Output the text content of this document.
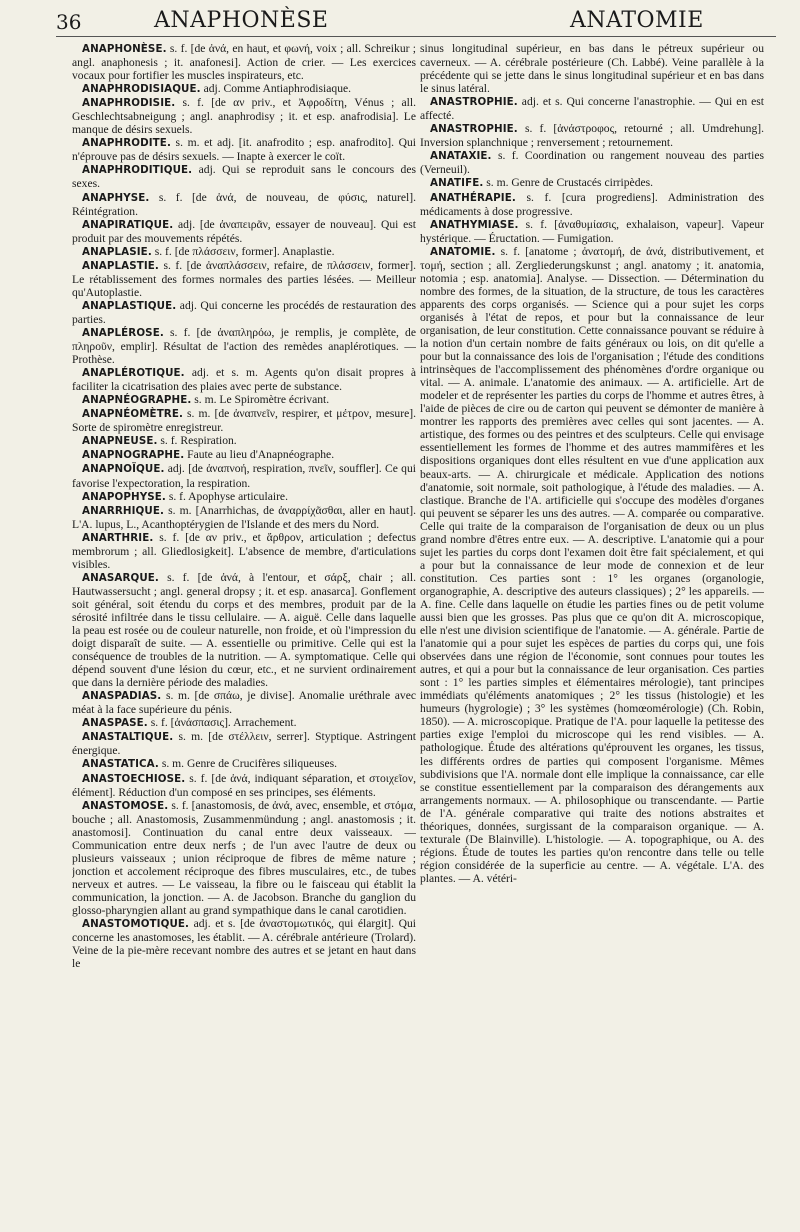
36	ANAPHONÈSE	ANATOMIE

ANAPHONÈSE. s. f. [de ἀνά, en haut, et φωνή, voix ; all. Schreikur ; angl. anaphonesis ; it. anafonesi]. Action de crier. — Les exercices vocaux pour fortifier les muscles inspirateurs, etc.

ANAPHRODISIAQUE. adj. Comme Antiaphrodisiaque.

ANAPHRODISIE. s. f. [de αν priv., et Ἀφροδίτη, Vénus ; all. Geschlechtsabneigung ; angl. anaphrodisy ; it. et esp. anafrodisia]. Le manque de désirs sexuels.

ANAPHRODITE. s. m. et adj. [it. anafrodito ; esp. anafrodito]. Qui n'éprouve pas de désirs sexuels. — Inapte à exercer le coït.

ANAPHRODITIQUE. adj. Qui se reproduit sans le concours des sexes.

ANAPHYSE. s. f. [de ἀνά, de nouveau, de φύσις, naturel]. Réintégration.

ANAPIRATIQUE. adj. [de ἀναπειρᾶν, essayer de nouveau]. Qui est produit par des mouvements répétés.

ANAPLASIE. s. f. [de πλάσσειν, former]. Anaplastie.

ANAPLASTIE. s. f. [de ἀναπλάσσειν, refaire, de πλάσσειν, former]. Le rétablissement des formes normales des parties lésées. — Meilleur qu'Autoplastie.

ANAPLASTIQUE. adj. Qui concerne les procédés de restauration des parties.

ANAPLÉROSE. s. f. [de ἀναπληρόω, je remplis, je complète, de πληροῦν, emplir]. Résultat de l'action des remèdes anaplérotiques. — Prothèse.

ANAPLÉROTIQUE. adj. et s. m. Agents qu'on disait propres à faciliter la cicatrisation des plaies avec perte de substance.

ANAPNÉOGRAPHE. s. m. Le Spiromètre écrivant.

ANAPNÉOMÈTRE. s. m. [de ἀναπνεῖν, respirer, et μέτρον, mesure]. Sorte de spiromètre enregistreur.

ANAPNEUSE. s. f. Respiration.

ANAPNOGRAPHE. Faute au lieu d'Anapnéographe.

ANAPNOÏQUE. adj. [de ἀναπνοή, respiration, πνεῖν, souffler]. Ce qui favorise l'expectoration, la respiration.

ANAPOPHYSE. s. f. Apophyse articulaire.

ANARRHIQUE. s. m. [Anarrhichas, de ἀναρρίχᾶσθαι, aller en haut]. L'A. lupus, L., Acanthoptérygien de l'Islande et des mers du Nord.

ANARTHRIE. s. f. [de αν priv., et ἄρθρον, articulation ; defectus membrorum ; all. Gliedlosigkeit]. L'absence de membre, d'articulations visibles.

ANASARQUE. s. f. [de ἀνά, à l'entour, et σάρξ, chair ; all. Hautwassersucht ; angl. general dropsy ; it. et esp. anasarca]. Gonflement soit général, soit étendu du corps et des membres, produit par de la sérosité infiltrée dans le tissu cellulaire. — A. aiguë. Celle dans laquelle la peau est rosée ou de couleur naturelle, non froide, et où l'impression du doigt disparaît de suite. — A. essentielle ou primitive. Celle qui est la conséquence de troubles de la nutrition. — A. symptomatique. Celle qui dépend souvent d'une lésion du cœur, etc., et ne survient ordinairement que dans la dernière période des maladies.

ANASPADIAS. s. m. [de σπάω, je divise]. Anomalie uréthrale avec méat à la face supérieure du pénis.

ANASPASE. s. f. [ἀνάσπασις]. Arrachement.

ANASTALTIQUE. s. m. [de στέλλειν, serrer]. Styptique. Astringent énergique.

ANASTATICA. s. m. Genre de Crucifères siliqueuses.

ANASTOECHIOSE. s. f. [de ἀνά, indiquant séparation, et στοιχεῖον, élément]. Réduction d'un composé en ses principes, ses éléments.

ANASTOMOSE. s. f. [anastomosis, de ἀνά, avec, ensemble, et στόμα, bouche ; all. Anastomosis, Zusammenmündung ; angl. anastomosis ; it. anastomosi]. Continuation du canal entre deux vaisseaux. — Communication entre deux nerfs ; de l'un avec l'autre de deux ou plusieurs vaisseaux ; union réciproque de fibres de même nature ; jonction et accolement réciproque des fibres musculaires, etc., de tubes nerveux et autres. — Le vaisseau, la fibre ou le faisceau qui établit la communication, la jonction. — A. de Jacobson. Branche du ganglion du glosso-pharyngien allant au grand sympathique dans le canal carotidien.

ANASTOMOTIQUE. adj. et s. [de ἀναστομωτικός, qui élargit]. Qui concerne les anastomoses, les établit. — A. cérébrale antérieure (Trolard). Veine de la pie-mère recevant nombre des autres et se jetant en haut dans le

sinus longitudinal supérieur, en bas dans le pétreux supérieur ou caverneux. — A. cérébrale postérieure (Ch. Labbé). Veine parallèle à la précédente qui se jette dans le sinus longitudinal supérieur et en bas dans le sinus latéral.

ANASTROPHIE. adj. et s. Qui concerne l'anastrophie. — Qui en est affecté.

ANASTROPHIE. s. f. [ἀνάστροφος, retourné ; all. Umdrehung]. Inversion splanchnique ; renversement ; retournement.

ANATAXIE. s. f. Coordination ou rangement nouveau des parties (Verneuil).

ANATIFE. s. m. Genre de Crustacés cirripèdes.

ANATHÉRAPIE. s. f. [cura progrediens]. Administration des médicaments à dose progressive.

ANATHYMIASE. s. f. [ἀναθυμίασις, exhalaison, vapeur]. Vapeur hystérique. — Éructation. — Fumigation.

ANATOMIE. s. f. [anatome ; ἀνατομή, de ἀνά, distributivement, et τομή, section ; all. Zergliederungskunst ; angl. anatomy ; it. anatomia, notomia ; esp. anatomia]. Analyse. — Dissection. — Détermination du nombre des formes, de la situation, de la structure, de tous les caractères apparents des corps organisés. — Science qui a pour sujet les corps organisés à l'état de repos, et pour but la connaissance de leur organisation, de leur constitution. Cette connaissance pouvant se réduire à la notion d'un certain nombre de faits généraux ou lois, on dit qu'elle a pour but la connaissance des lois de l'organisation ; l'étude des conditions intrinsèques de l'accomplissement des phénomènes d'ordre organique ou vital. — A. animale. L'anatomie des animaux. — A. artificielle. Art de modeler et de représenter les parties du corps de l'homme et autres êtres, à l'aide de pièces de cire ou de carton qui peuvent se démonter de manière à montrer les rapports des premières avec celles qui sont jacentes. — A. artistique, des formes ou des peintres et des sculpteurs. Celle qui envisage essentiellement les formes de l'homme et des autres mammifères et les dispositions organiques dont elles résultent en vue d'une application aux beaux-arts. — A. chirurgicale et médicale. Application des notions d'anatomie, soit normale, soit pathologique, à l'étude des maladies. — A. clastique. Branche de l'A. artificielle qui s'occupe des modèles d'organes qui peuvent se séparer les uns des autres. — A. comparée ou comparative. Celle qui traite de la comparaison de l'organisation de deux ou un plus grand nombre d'êtres entre eux. — A. descriptive. L'anatomie qui a pour sujet les parties du corps dont l'examen doit être fait spécialement, et qui a pour but la connaissance de leur mode de connexion et de leur constitution. Ces parties sont : 1° les organes (organologie, organographie, A. descriptive des auteurs classiques) ; 2° les appareils. — A. fine. Celle dans laquelle on étudie les parties fines ou de petit volume aussi bien que les grosses. Pas plus que ce qu'on dit A. microscopique, elle n'est une division scientifique de l'anatomie. — A. générale. Partie de l'anatomie qui a pour sujet les espèces de parties du corps qui, une fois observées dans une région de l'économie, sont connues pour toutes les autres, et qui a pour but la connaissance de leur organisation. Ces parties sont : 1° les parties simples et élémentaires mérologie), tant principes immédiats qu'éléments anatomiques ; 2° les tissus (histologie) et les humeurs (hygrologie) ; 3° les systèmes (homœomérologie) (Ch. Robin, 1850). — A. microscopique. Pratique de l'A. pour laquelle la petitesse des parties exige l'emploi du microscope qui les rend visibles. — A. pathologique. Étude des altérations qu'éprouvent les organes, les tissus, les différents ordres de parties qui composent l'organisme. Mêmes subdivisions que l'A. normale dont elle implique la connaissance, car elle se constitue essentiellement par la comparaison des dérangements aux arrangements normaux. — A. philosophique ou transcendante. — Partie de l'A. générale comparative qui traite des notions abstraites et théoriques, données, surgissant de la comparaison organique. — A. texturale (De Blainville). L'histologie. — A. topographique, ou A. des régions. Étude de toutes les parties qu'on rencontre dans telle ou telle région considérée de la superficie au centre. — A. végétale. L'A. des plantes. — A. vétéri-
